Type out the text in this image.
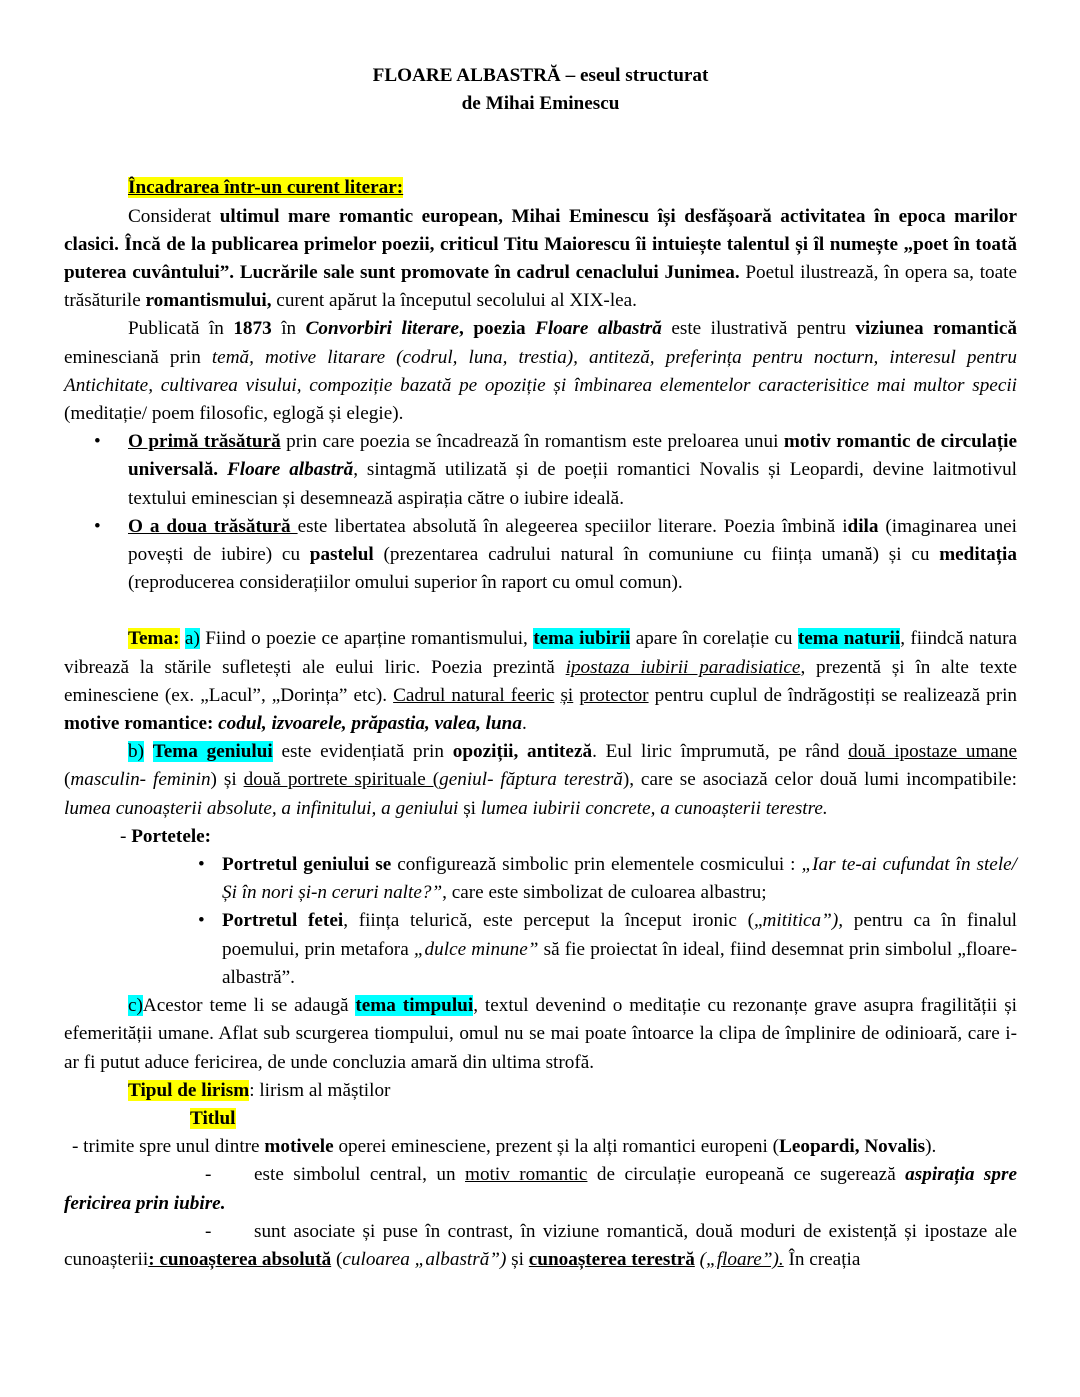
FLOARE ALBASTRĂ – eseul structurat
de Mihai Eminescu
Încadrarea într-un curent literar:
Considerat ultimul mare romantic european, Mihai Eminescu își desfășoară activitatea în epoca marilor clasici. Încă de la publicarea primelor poezii, criticul Titu Maiorescu îi intuiește talentul și îl numește „poet în toată puterea cuvântului”. Lucrările sale sunt promovate în cadrul cenaclului Junimea. Poetul ilustrează, în opera sa, toate trăsăturile romantismului, curent apărut la începutul secolului al XIX-lea.
Publicată în 1873 în Convorbiri literare, poezia Floare albastră este ilustrativă pentru viziunea romantică eminesciană prin temă, motive litarare (codrul, luna, trestia), antiteză, preferința pentru nocturn, interesul pentru Antichitate, cultivarea visului, compoziție bazată pe opoziție și îmbinarea elementelor caracterisitice mai multor specii (meditație/ poem filosofic, eglogă și elegie).
• O primă trăsătură prin care poezia se încadrează în romantism este preloarea unui motiv romantic de circulație universală. Floare albastră, sintagmă utilizată și de poeții romantici Novalis și Leopardi, devine laitmotivul textului eminescian și desemnează aspirația către o iubire ideală.
• O a doua trăsătură este libertatea absolută în alegeerea speciilor literare. Poezia îmbină idila (imaginarea unei povești de iubire) cu pastelul (prezentarea cadrului natural în comuniune cu ființa umană) și cu meditația (reproducerea considerațiilor omului superior în raport cu omul comun).
Tema: a) Fiind o poezie ce aparține romantismului, tema iubirii apare în corelație cu tema naturii, fiindcă natura vibrează la stările sufletești ale eului liric. Poezia prezintă ipostaza iubirii paradisiatice, prezentă și în alte texte eminesciene (ex. „Lacul”, „Dorința” etc). Cadrul natural feeric și protector pentru cuplul de îndrăgostiți se realizează prin motive romantice: codul, izvoarele, prăpastia, valea, luna.
b) Tema geniului este evidențiată prin opoziții, antiteză. Eul liric împrumută, pe rând două ipostaze umane (masculin- feminin) și două portrete spirituale (geniul- făptura terestră), care se asociază celor două lumi incompatibile: lumea cunoașterii absolute, a infinitului, a geniului și lumea iubirii concrete, a cunoașterii terestre.
- Portetele:
• Portretul geniului se configurează simbolic prin elementele cosmicului : „Iar te-ai cufundat în stele/ Și în nori și-n ceruri nalte?”, care este simbolizat de culoarea albastru;
• Portretul fetei, ființa telurică, este perceput la început ironic („mititica”), pentru ca în finalul poemului, prin metafora „dulce minune” să fie proiectat în ideal, fiind desemnat prin simbolul „floare-albastră”.
c)Acestor teme li se adaugă tema timpului, textul devenind o meditație cu rezonanțe grave asupra fragilității și efemerității umane. Aflat sub scurgerea tiompului, omul nu se mai poate întoarce la clipa de împlinire de odinioară, care i-ar fi putut aduce fericirea, de unde concluzia amară din ultima strofă.
Tipul de lirism: lirism al măștilor
Titlul
- trimite spre unul dintre motivele operei eminesciene, prezent și la alți romantici europeni (Leopardi, Novalis).
- este simbolul central, un motiv romantic de circulație europeană ce sugerează aspirația spre fericirea prin iubire.
- sunt asociate și puse în contrast, în viziune romantică, două moduri de existență și ipostaze ale cunoașterii: cunoașterea absolută (culoarea „albastră”) și cunoașterea terestră („floare”). În creația
